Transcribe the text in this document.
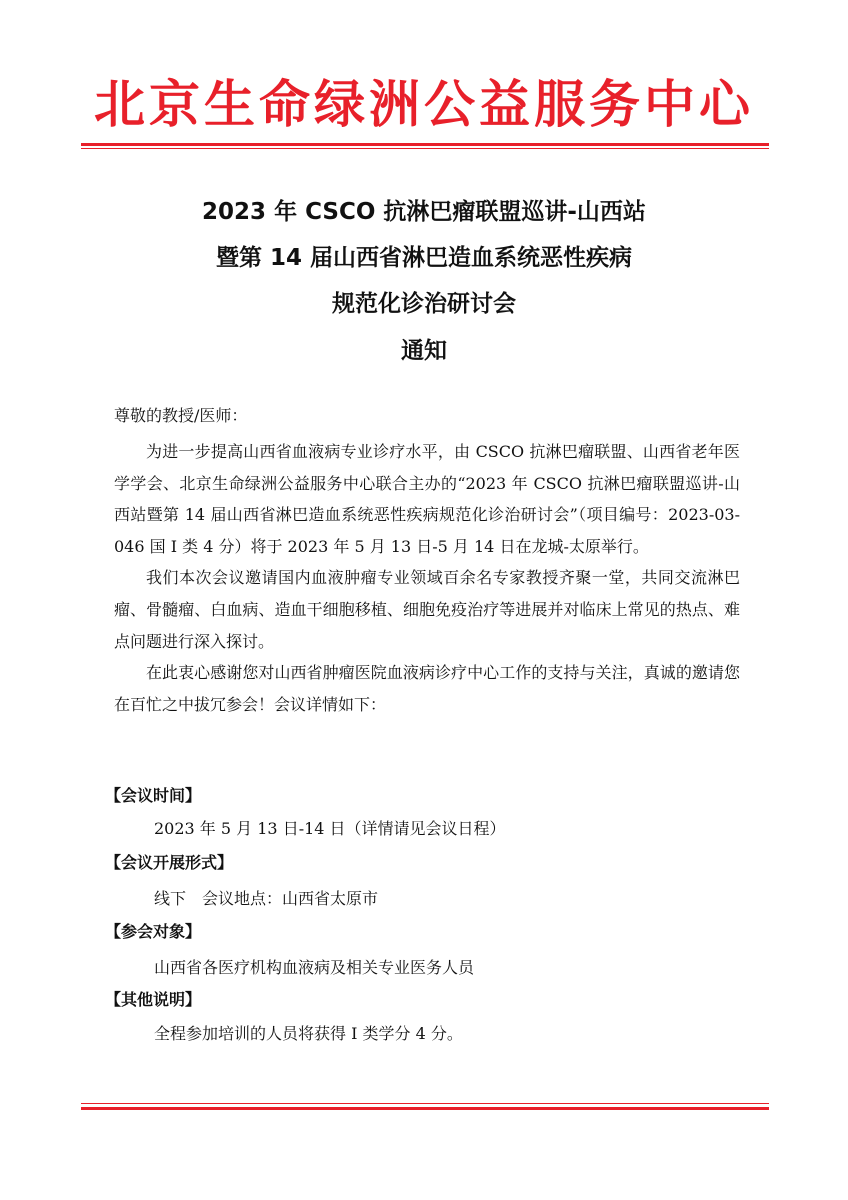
北京生命绿洲公益服务中心
2023 年 CSCO 抗淋巴瘤联盟巡讲-山西站
暨第 14 届山西省淋巴造血系统恶性疾病
规范化诊治研讨会
通知
尊敬的教授/医师：

为进一步提高山西省血液病专业诊疗水平，由 CSCO 抗淋巴瘤联盟、山西省老年医学学会、北京生命绿洲公益服务中心联合主办的“2023 年 CSCO 抗淋巴瘤联盟巡讲-山西站暨第 14 届山西省淋巴造血系统恶性疾病规范化诊治研讨会”（项目编号：2023-03-046 国 I 类 4 分）将于 2023 年 5 月 13 日-5 月 14 日在龙城-太原举行。

我们本次会议邀请国内血液肿瘤专业领域百余名专家教授齐聚一堂，共同交流淋巴瘤、骨髓瘤、白血病、造血干细胞移植、细胞免疫治疗等进展并对临床上常见的热点、难点问题进行深入探讨。

在此衷心感谢您对山西省肿瘤医院血液病诊疗中心工作的支持与关注，真诚的邀请您在百忙之中拔冗参会！会议详情如下：

【会议时间】
2023 年 5 月 13 日-14 日（详情请见会议日程）
【会议开展形式】
线下　会议地点：山西省太原市
【参会对象】
山西省各医疗机构血液病及相关专业医务人员
【其他说明】
全程参加培训的人员将获得 I 类学分 4 分。
